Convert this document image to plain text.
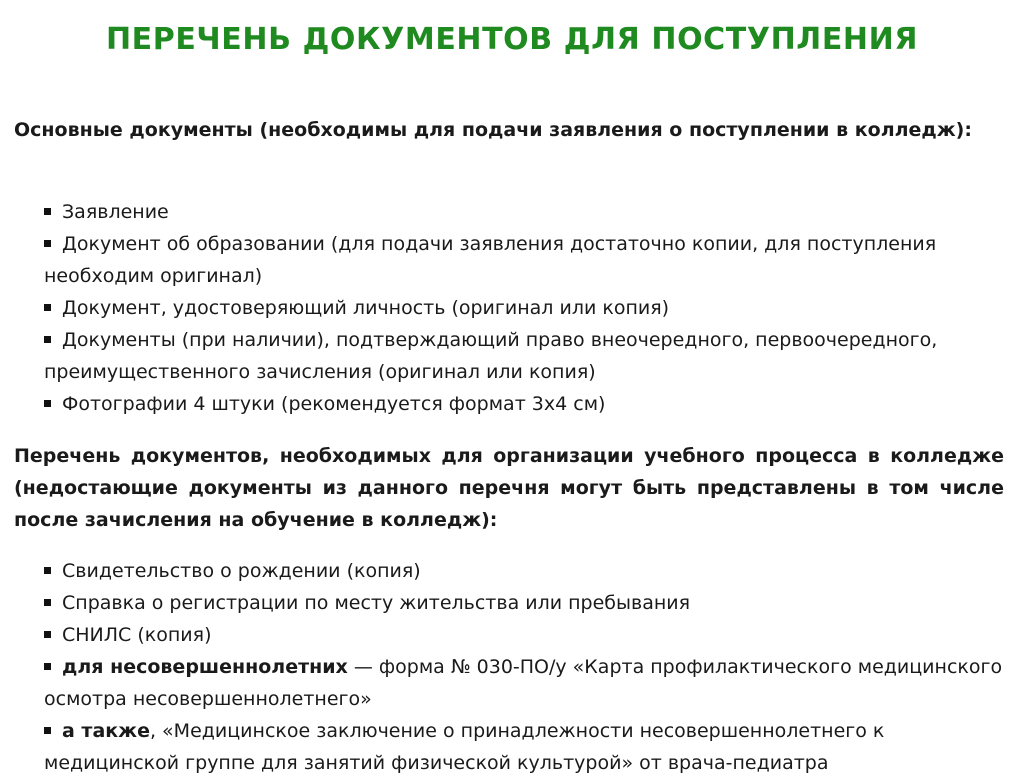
ПЕРЕЧЕНЬ ДОКУМЕНТОВ ДЛЯ ПОСТУПЛЕНИЯ

Основные документы (необходимы для подачи заявления о поступлении в колледж):

Заявление
Документ об образовании (для подачи заявления достаточно копии, для поступления необходим оригинал)
Документ, удостоверяющий личность (оригинал или копия)
Документы (при наличии), подтверждающий право внеочередного, первоочередного, преимущественного зачисления (оригинал или копия)
Фотографии 4 штуки (рекомендуется формат 3х4 см)

Перечень документов, необходимых для организации учебного процесса в колледже (недостающие документы из данного перечня могут быть представлены в том числе после зачисления на обучение в колледж):

Свидетельство о рождении (копия)
Справка о регистрации по месту жительства или пребывания
СНИЛС (копия)
для несовершеннолетних — форма № 030-ПО/у «Карта профилактического медицинского осмотра несовершеннолетнего»
а также, «Медицинское заключение о принадлежности несовершеннолетнего к медицинской группе для занятий физической культурой» от врача-педиатра
